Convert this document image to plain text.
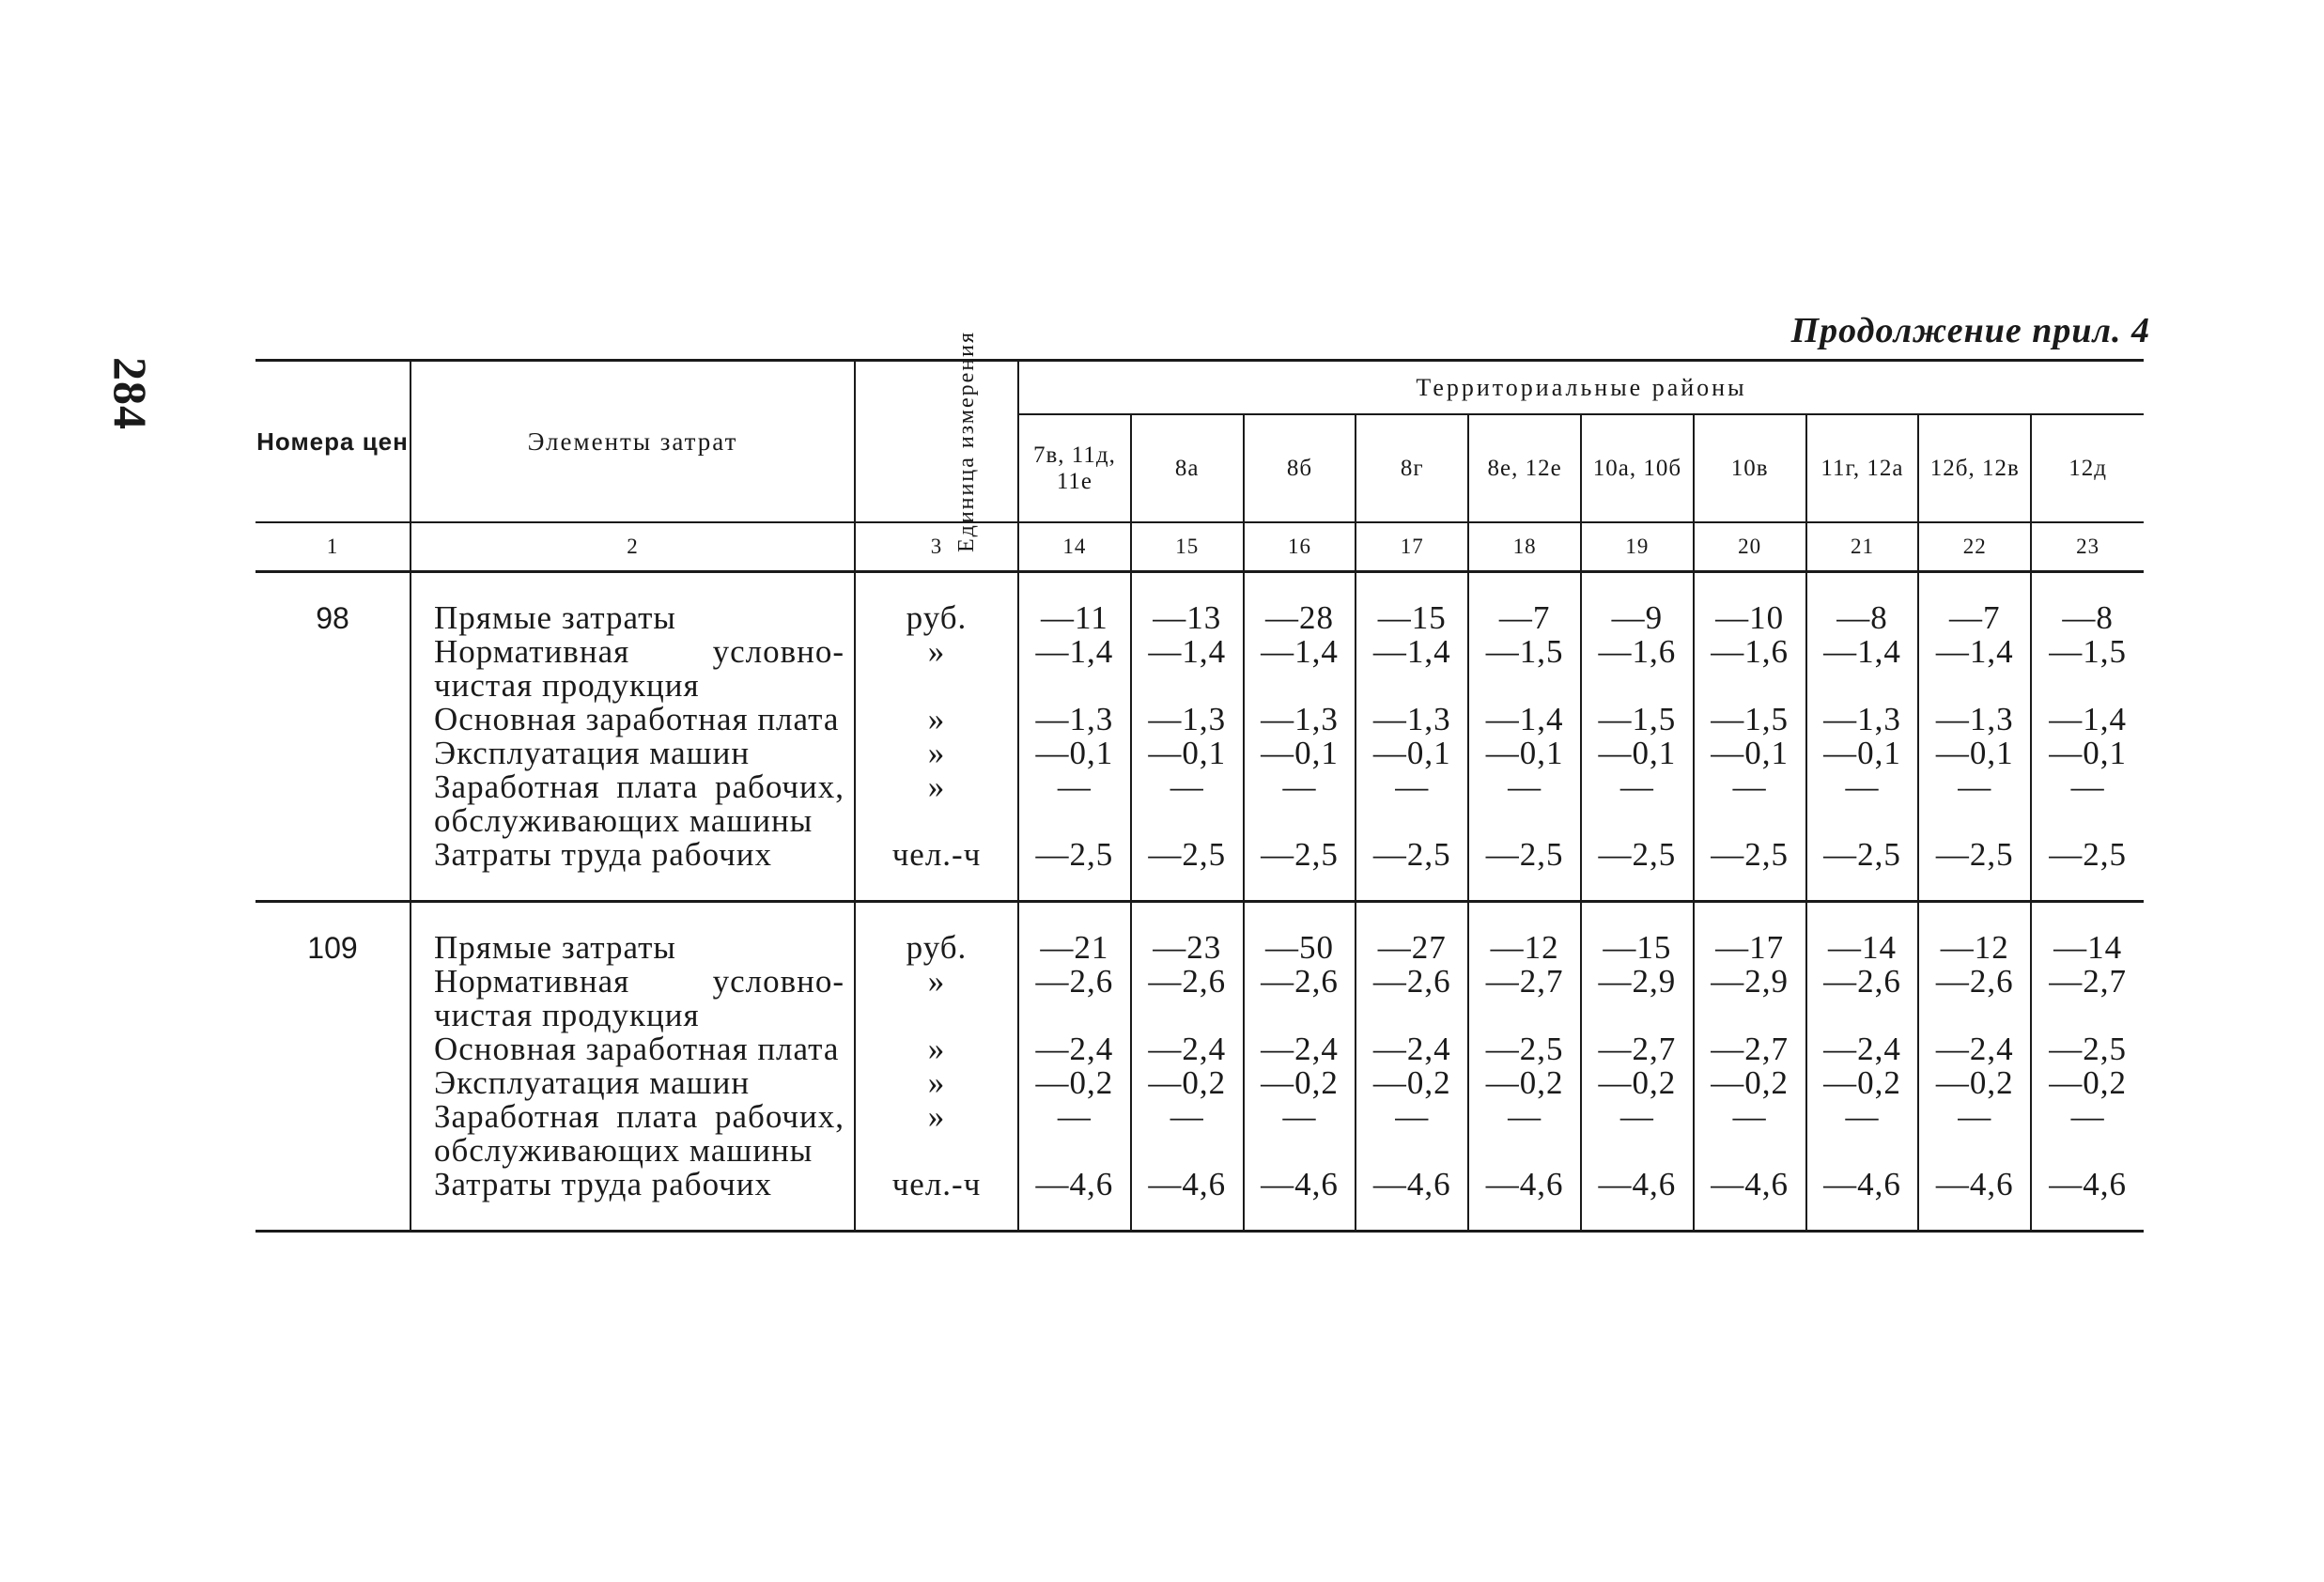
284
Продолжение прил. 4
Номера цен	Элементы затрат	Единица измерения	Территориальные районы									
			7в, 11д, 11е	8а	8б	8г	8е, 12е	10а, 10б	10в	11г, 12а	12б, 12в	12д
1	2	3	14	15	16	17	18	19	20	21	22	23
98	Прямые затраты	руб.	—11	—13	—28	—15	—7	—9	—10	—8	—7	—8
	Нормативная условно-чистая продукция	»	—1,4	—1,4	—1,4	—1,4	—1,5	—1,6	—1,6	—1,4	—1,4	—1,5
	Основная заработная плата	»	—1,3	—1,3	—1,3	—1,3	—1,4	—1,5	—1,5	—1,3	—1,3	—1,4
	Эксплуатация машин	»	—0,1	—0,1	—0,1	—0,1	—0,1	—0,1	—0,1	—0,1	—0,1	—0,1
	Заработная плата рабочих, обслуживающих машины	»	—	—	—	—	—	—	—	—	—	—
	Затраты труда рабочих	чел.-ч	—2,5	—2,5	—2,5	—2,5	—2,5	—2,5	—2,5	—2,5	—2,5	—2,5
109	Прямые затраты	руб.	—21	—23	—50	—27	—12	—15	—17	—14	—12	—14
	Нормативная условно-чистая продукция	»	—2,6	—2,6	—2,6	—2,6	—2,7	—2,9	—2,9	—2,6	—2,6	—2,7
	Основная заработная плата	»	—2,4	—2,4	—2,4	—2,4	—2,5	—2,7	—2,7	—2,4	—2,4	—2,5
	Эксплуатация машин	»	—0,2	—0,2	—0,2	—0,2	—0,2	—0,2	—0,2	—0,2	—0,2	—0,2
	Заработная плата рабочих, обслуживающих машины	»	—	—	—	—	—	—	—	—	—	—
	Затраты труда рабочих	чел.-ч	—4,6	—4,6	—4,6	—4,6	—4,6	—4,6	—4,6	—4,6	—4,6	—4,6
